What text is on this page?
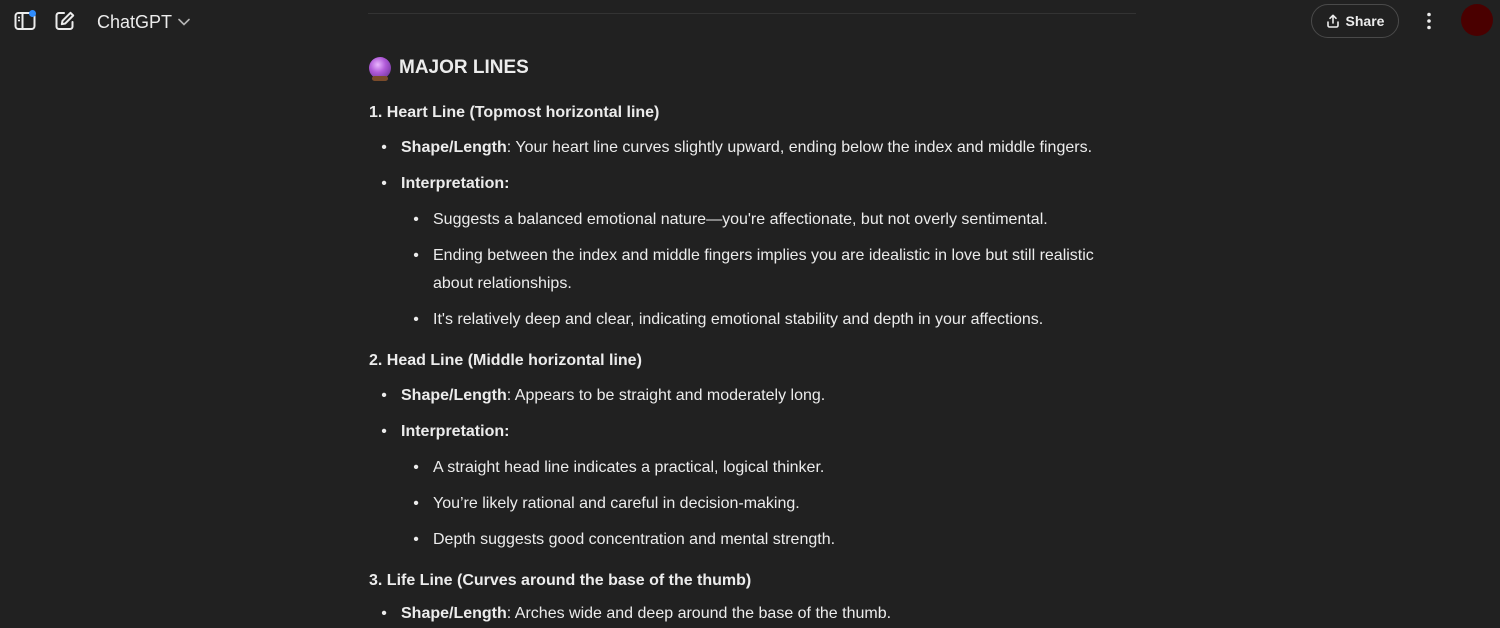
ChatGPT	Share
MAJOR LINES
1. Heart Line (Topmost horizontal line)
• Shape/Length: Your heart line curves slightly upward, ending below the index and middle fingers.
• Interpretation:
• Suggests a balanced emotional nature—you're affectionate, but not overly sentimental.
• Ending between the index and middle fingers implies you are idealistic in love but still realistic about relationships.
• It's relatively deep and clear, indicating emotional stability and depth in your affections.
2. Head Line (Middle horizontal line)
• Shape/Length: Appears to be straight and moderately long.
• Interpretation:
• A straight head line indicates a practical, logical thinker.
• You’re likely rational and careful in decision-making.
• Depth suggests good concentration and mental strength.
3. Life Line (Curves around the base of the thumb)
• Shape/Length: Arches wide and deep around the base of the thumb.
